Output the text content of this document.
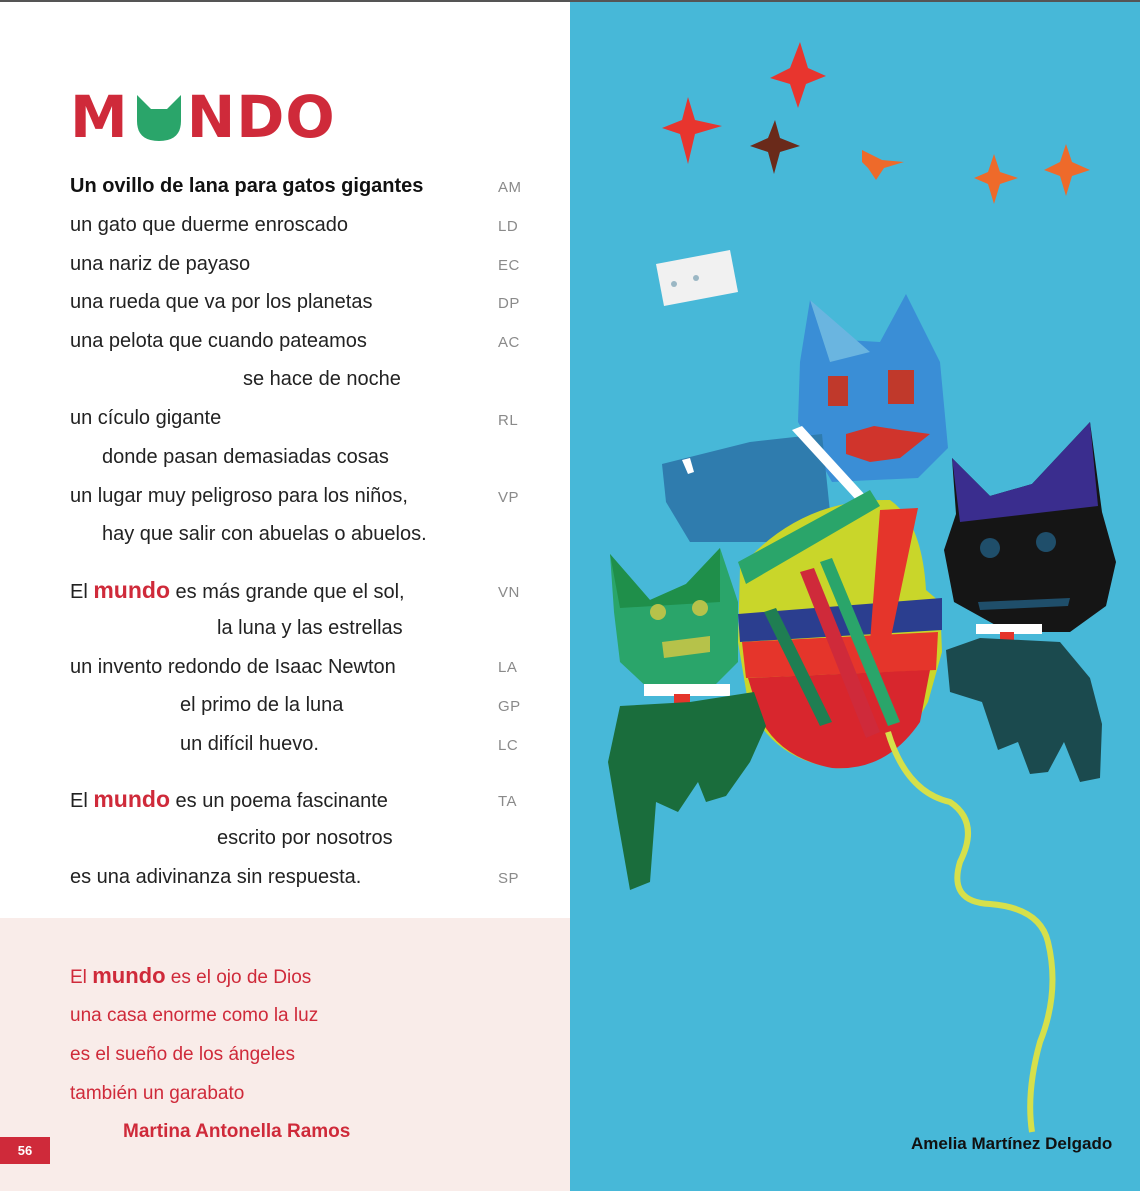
M NDO
Un ovillo de lana para gatos gigantes	AM
un gato que duerme enroscado	LD
una nariz de payaso	EC
una rueda que va por los planetas	DP
una pelota que cuando pateamos	AC
se hace de noche
un cículo gigante	RL
donde pasan demasiadas cosas
un lugar muy peligroso para los niños,	VP
hay que salir con abuelas o abuelos.
El mundo es más grande que el sol,	VN
la luna y las estrellas
un invento redondo de Isaac Newton	LA
el primo de la luna	GP
un difícil huevo.	LC
El mundo es un poema fascinante	TA
escrito por nosotros
es una adivinanza sin respuesta.	SP
El mundo es el ojo de Dios
una casa enorme como la luz
es el sueño de los ángeles
también un garabato
Martina Antonella Ramos
56	Amelia Martínez Delgado
